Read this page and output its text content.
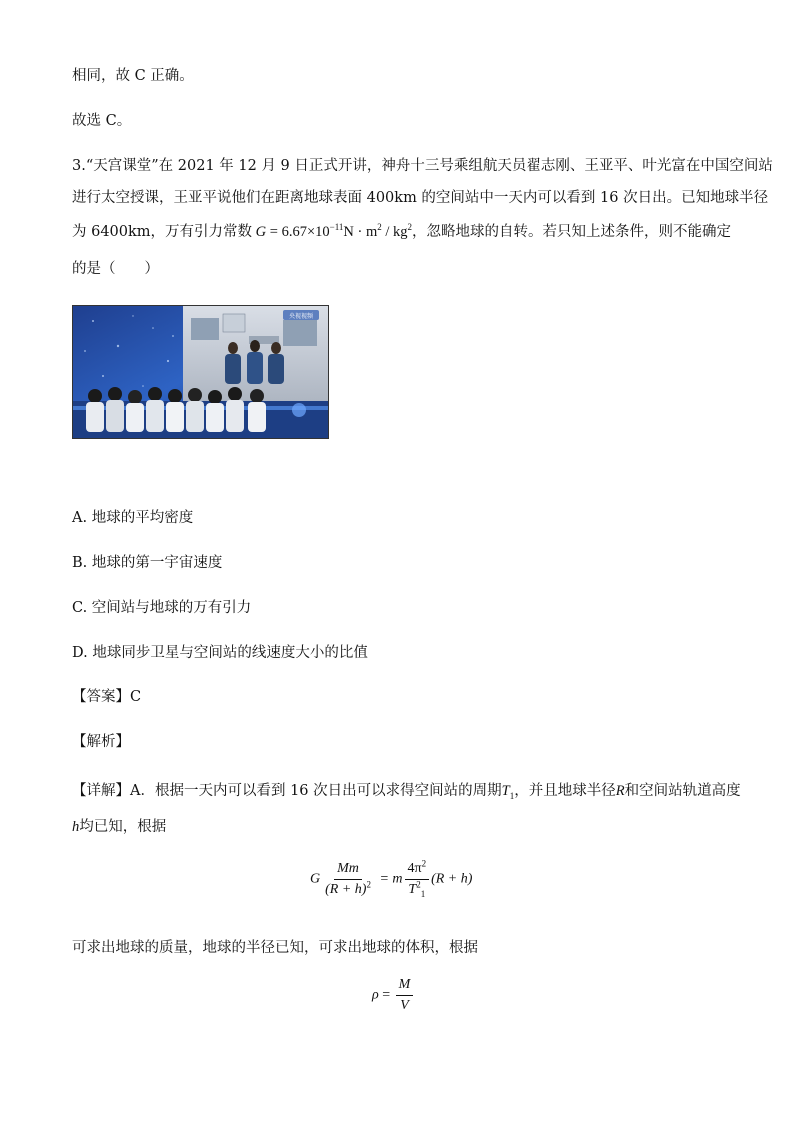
相同，故 C 正确。
故选 C。
3.“天宫课堂”在 2021 年 12 月 9 日正式开讲，神舟十三号乘组航天员翟志刚、王亚平、叶光富在中国空间站
进行太空授课，王亚平说他们在距离地球表面 400km 的空间站中一天内可以看到 16 次日出。已知地球半径
为 6400km，万有引力常数 $G = 6.67\times 10^{-11}N \cdot m^2 / kg^2$，忽略地球的自转。若只知上述条件，则不能确定
的是（　　）
央视视频
A. 地球的平均密度
B. 地球的第一宇宙速度
C. 空间站与地球的万有引力
D. 地球同步卫星与空间站的线速度大小的比值
【答案】C
【解析】
【详解】A．根据一天内可以看到 16 次日出可以求得空间站的周期$T_1$，并且地球半径R和空间站轨道高度
h均已知，根据
G $\frac{Mm}{(R + h)^2} = m \frac{4\pi^2}{T^2_1} (R + h)$
可求出地球的质量，地球的半径已知，可求出地球的体积，根据
$\rho = \frac{M}{V}$
